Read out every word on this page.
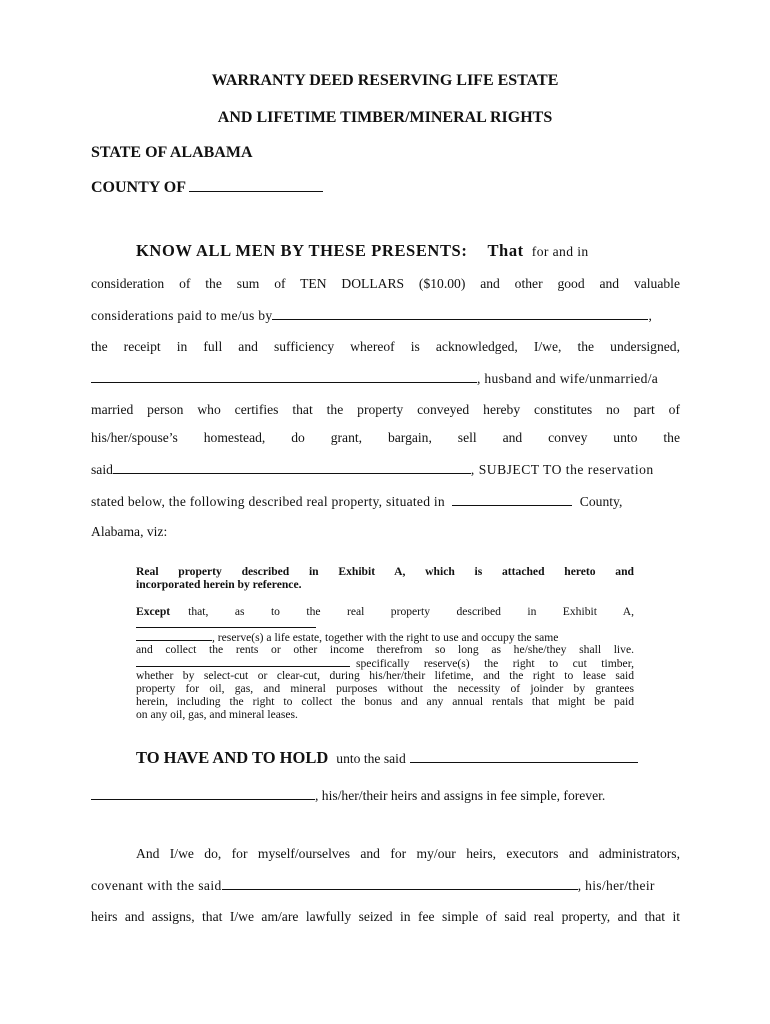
WARRANTY DEED RESERVING LIFE ESTATE
AND LIFETIME TIMBER/MINERAL RIGHTS
STATE OF ALABAMA
COUNTY OF
KNOW ALL MEN BY THESE PRESENTS: That for and in
consideration of the sum of TEN DOLLARS ($10.00) and other good and valuable
considerations paid to me/us by	,
the receipt in full and sufficiency whereof is acknowledged, I/we, the undersigned,
, husband and wife/unmarried/a
married person who certifies that the property conveyed hereby constitutes no part of
his/her/spouse’s homestead, do grant, bargain, sell and convey unto the
said	, SUBJECT TO the reservation
stated below, the following described real property, situated in	County,
Alabama, viz:
Real property described in Exhibit A, which is attached hereto and
incorporated herein by reference.
Except that, as to the real property described in Exhibit A,
, reserve(s) a life estate, together with the right to use and occupy the same
and collect the rents or other income therefrom so long as he/she/they shall live.
specifically reserve(s) the right to cut timber,
whether by select-cut or clear-cut, during his/her/their lifetime, and the right to lease said
property for oil, gas, and mineral purposes without the necessity of joinder by grantees
herein, including the right to collect the bonus and any annual rentals that might be paid
on any oil, gas, and mineral leases.
TO HAVE AND TO HOLD unto the said
, his/her/their heirs and assigns in fee simple, forever.
And I/we do, for myself/ourselves and for my/our heirs, executors and administrators,
covenant with the said	, his/her/their
heirs and assigns, that I/we am/are lawfully seized in fee simple of said real property, and that it
